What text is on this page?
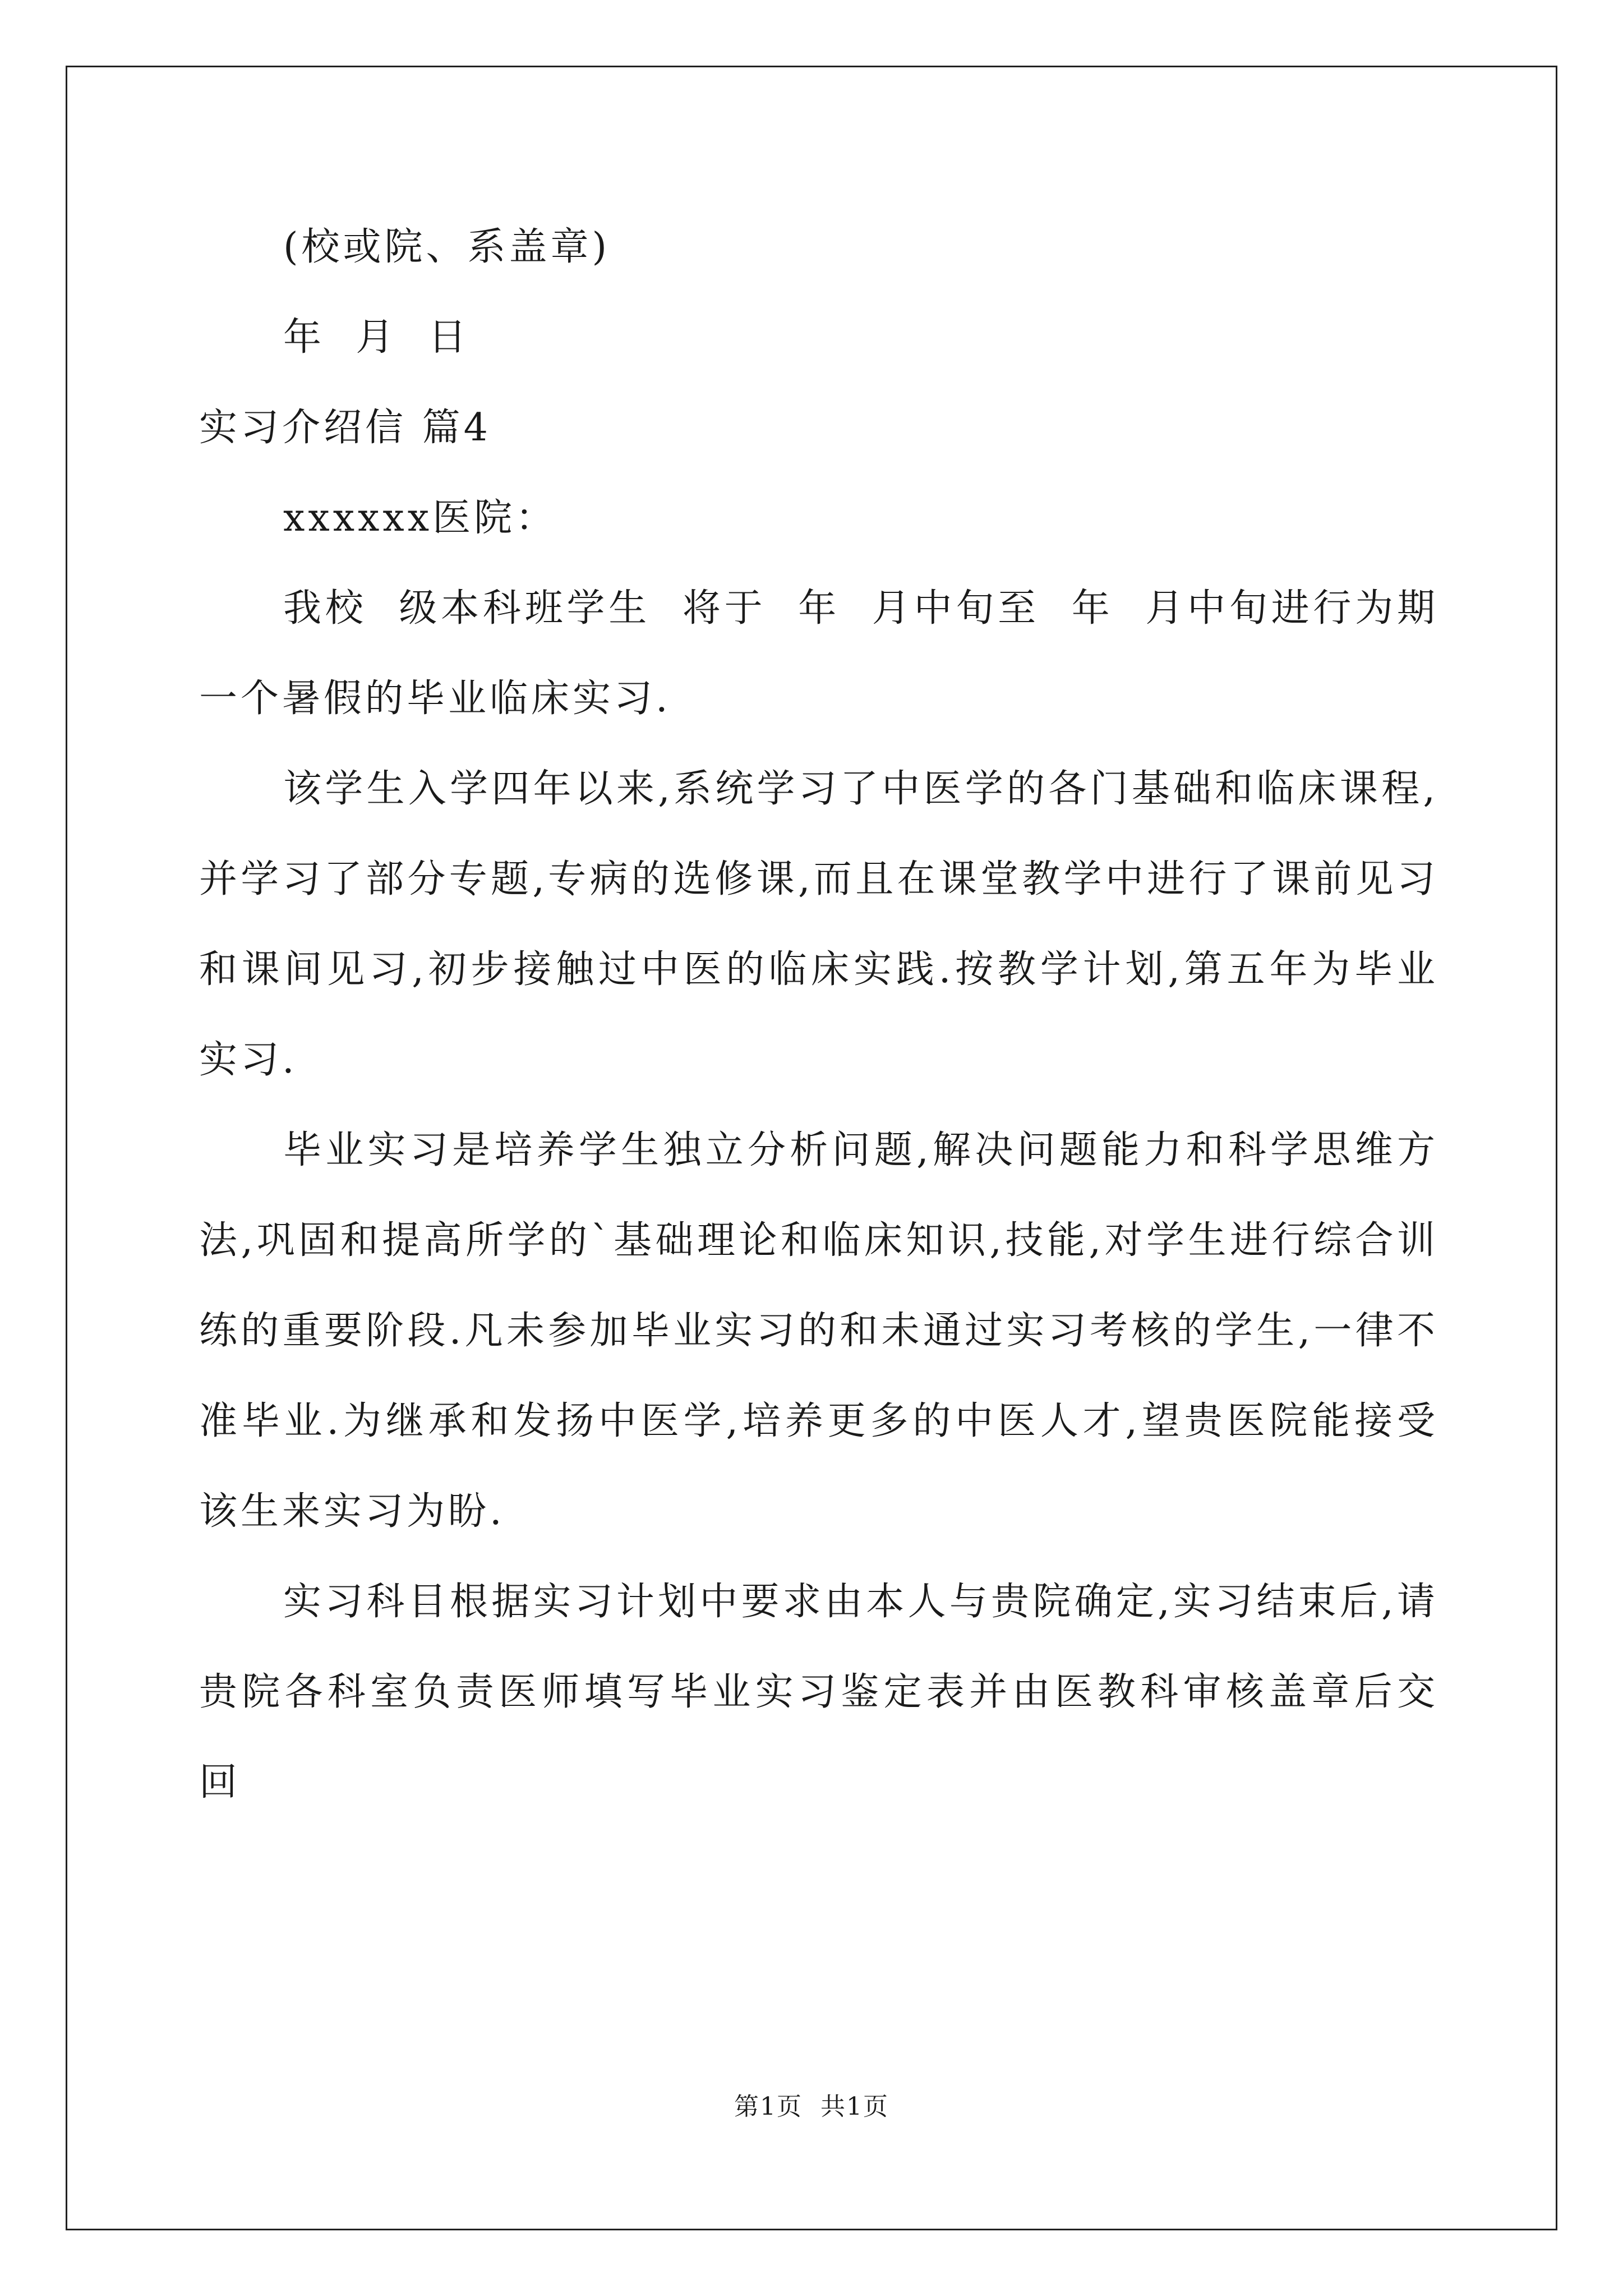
(校或院、系盖章)

年  月  日

实习介绍信 篇4

xxxxxx医院：

我校  级本科班学生  将于  年  月中旬至  年  月中旬进行为期一个暑假的毕业临床实习.

该学生入学四年以来,系统学习了中医学的各门基础和临床课程,并学习了部分专题,专病的选修课,而且在课堂教学中进行了课前见习和课间见习,初步接触过中医的临床实践.按教学计划,第五年为毕业实习.

毕业实习是培养学生独立分析问题,解决问题能力和科学思维方法,巩固和提高所学的`基础理论和临床知识,技能,对学生进行综合训练的重要阶段.凡未参加毕业实习的和未通过实习考核的学生,一律不准毕业.为继承和发扬中医学,培养更多的中医人才,望贵医院能接受该生来实习为盼.

实习科目根据实习计划中要求由本人与贵院确定,实习结束后,请贵院各科室负责医师填写毕业实习鉴定表并由医教科审核盖章后交回

第1页  共1页
